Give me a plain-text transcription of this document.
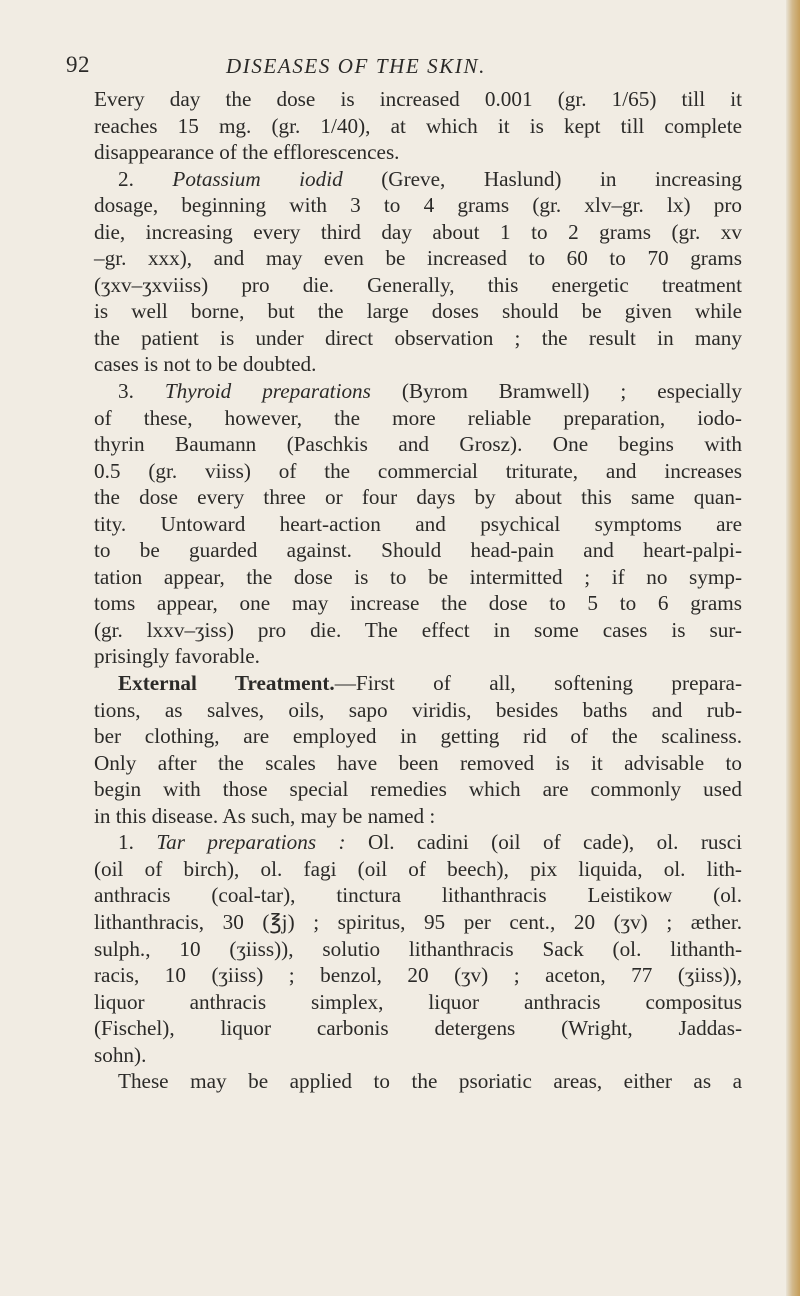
92	DISEASES OF THE SKIN.
Every day the dose is increased 0.001 (gr. 1/65) till it
reaches 15 mg. (gr. 1/40), at which it is kept till complete
disappearance of the efflorescences.
2. Potassium iodid (Greve, Haslund) in increasing
dosage, beginning with 3 to 4 grams (gr. xlv–gr. lx) pro
die, increasing every third day about 1 to 2 grams (gr. xv
–gr. xxx), and may even be increased to 60 to 70 grams
(ʒxv–ʒxviiss) pro die. Generally, this energetic treatment
is well borne, but the large doses should be given while
the patient is under direct observation ; the result in many
cases is not to be doubted.
3. Thyroid preparations (Byrom Bramwell) ; especially
of these, however, the more reliable preparation, iodo-
thyrin Baumann (Paschkis and Grosz). One begins with
0.5 (gr. viiss) of the commercial triturate, and increases
the dose every three or four days by about this same quan-
tity. Untoward heart-action and psychical symptoms are
to be guarded against. Should head-pain and heart-palpi-
tation appear, the dose is to be intermitted ; if no symp-
toms appear, one may increase the dose to 5 to 6 grams
(gr. lxxv–ʒiss) pro die. The effect in some cases is sur-
prisingly favorable.
External Treatment.—First of all, softening prepara-
tions, as salves, oils, sapo viridis, besides baths and rub-
ber clothing, are employed in getting rid of the scaliness.
Only after the scales have been removed is it advisable to
begin with those special remedies which are commonly used
in this disease. As such, may be named :
1. Tar preparations : Ol. cadini (oil of cade), ol. rusci
(oil of birch), ol. fagi (oil of beech), pix liquida, ol. lith-
anthracis (coal-tar), tinctura lithanthracis Leistikow (ol.
lithanthracis, 30 (℥j) ; spiritus, 95 per cent., 20 (ʒv) ; æther.
sulph., 10 (ʒiiss)), solutio lithanthracis Sack (ol. lithanth-
racis, 10 (ʒiiss) ; benzol, 20 (ʒv) ; aceton, 77 (ʒiiss)),
liquor anthracis simplex, liquor anthracis compositus
(Fischel), liquor carbonis detergens (Wright, Jaddas-
sohn).
These may be applied to the psoriatic areas, either as a
